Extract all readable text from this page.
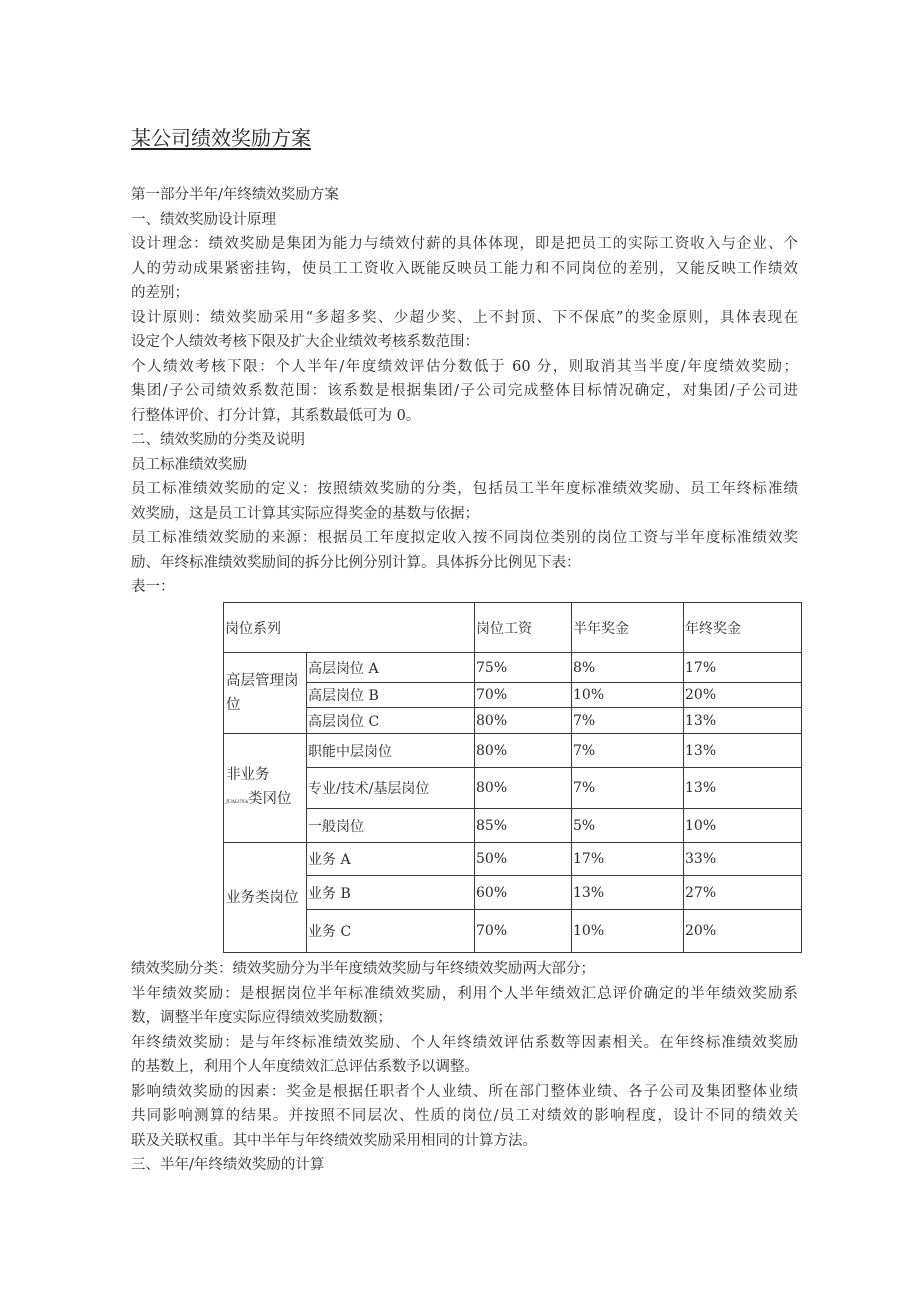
某公司绩效奖励方案
第一部分半年/年终绩效奖励方案
一、绩效奖励设计原理
设计理念：绩效奖励是集团为能力与绩效付薪的具体体现，即是把员工的实际工资收入与企业、个
人的劳动成果紧密挂钩，使员工工资收入既能反映员工能力和不同岗位的差别，又能反映工作绩效
的差别；
设计原则：绩效奖励采用“多超多奖、少超少奖、上不封顶、下不保底”的奖金原则，具体表现在
设定个人绩效考核下限及扩大企业绩效考核系数范围：
个人绩效考核下限：个人半年/年度绩效评估分数低于 60 分，则取消其当半度/年度绩效奖励；
集团/子公司绩效系数范围：该系数是根据集团/子公司完成整体目标情况确定，对集团/子公司进
行整体评价、打分计算，其系数最低可为 0。
二、绩效奖励的分类及说明
员工标准绩效奖励
员工标准绩效奖励的定义：按照绩效奖励的分类，包括员工半年度标准绩效奖励、员工年终标准绩
效奖励，这是员工计算其实际应得奖金的基数与依据；
员工标准绩效奖励的来源：根据员工年度拟定收入按不同岗位类别的岗位工资与半年度标准绩效奖
励、年终标准绩效奖励间的拆分比例分别计算。具体拆分比例见下表：
表一：
岗位系列		岗位工资	半年奖金	年终奖金
高层管理岗位	高层岗位 A	75%	8%	17%
	高层岗位 B	70%	10%	20%
	高层岗位 C	80%	7%	13%
非业务
JUALUY-k类冈位	职能中层岗位	80%	7%	13%
	专业/技术/基层岗位	80%	7%	13%
	一般岗位	85%	5%	10%
业务类岗位	业务 A	50%	17%	33%
	业务 B	60%	13%	27%
	业务 C	70%	10%	20%
绩效奖励分类：绩效奖励分为半年度绩效奖励与年终绩效奖励两大部分；
半年绩效奖励：是根据岗位半年标准绩效奖励，利用个人半年绩效汇总评价确定的半年绩效奖励系
数，调整半年度实际应得绩效奖励数额；
年终绩效奖励：是与年终标准绩效奖励、个人年终绩效评估系数等因素相关。在年终标准绩效奖励
的基数上，利用个人年度绩效汇总评估系数予以调整。
影响绩效奖励的因素：奖金是根据任职者个人业绩、所在部门整体业绩、各子公司及集团整体业绩
共同影响测算的结果。并按照不同层次、性质的岗位/员工对绩效的影响程度，设计不同的绩效关
联及关联权重。其中半年与年终绩效奖励采用相同的计算方法。
三、半年/年终绩效奖励的计算
